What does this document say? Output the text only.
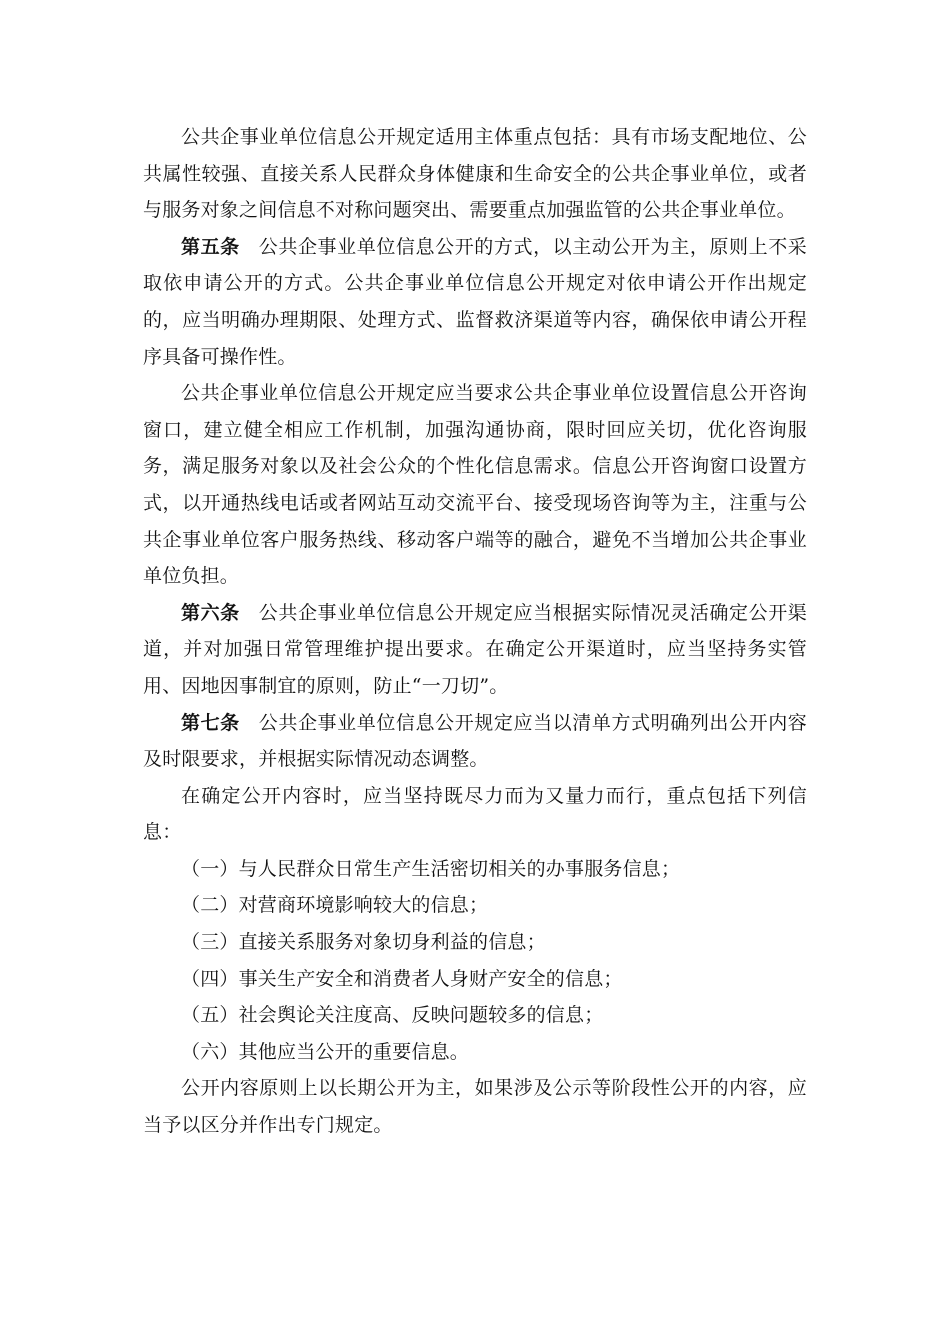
公共企事业单位信息公开规定适用主体重点包括：具有市场支配地位、公共属性较强、直接关系人民群众身体健康和生命安全的公共企事业单位，或者与服务对象之间信息不对称问题突出、需要重点加强监管的公共企事业单位。

第五条 公共企事业单位信息公开的方式，以主动公开为主，原则上不采取依申请公开的方式。公共企事业单位信息公开规定对依申请公开作出规定的，应当明确办理期限、处理方式、监督救济渠道等内容，确保依申请公开程序具备可操作性。

公共企事业单位信息公开规定应当要求公共企事业单位设置信息公开咨询窗口，建立健全相应工作机制，加强沟通协商，限时回应关切，优化咨询服务，满足服务对象以及社会公众的个性化信息需求。信息公开咨询窗口设置方式，以开通热线电话或者网站互动交流平台、接受现场咨询等为主，注重与公共企事业单位客户服务热线、移动客户端等的融合，避免不当增加公共企事业单位负担。

第六条 公共企事业单位信息公开规定应当根据实际情况灵活确定公开渠道，并对加强日常管理维护提出要求。在确定公开渠道时，应当坚持务实管用、因地因事制宜的原则，防止“一刀切”。

第七条 公共企事业单位信息公开规定应当以清单方式明确列出公开内容及时限要求，并根据实际情况动态调整。

在确定公开内容时，应当坚持既尽力而为又量力而行，重点包括下列信息：

（一）与人民群众日常生产生活密切相关的办事服务信息；

（二）对营商环境影响较大的信息；

（三）直接关系服务对象切身利益的信息；

（四）事关生产安全和消费者人身财产安全的信息；

（五）社会舆论关注度高、反映问题较多的信息；

（六）其他应当公开的重要信息。

公开内容原则上以长期公开为主，如果涉及公示等阶段性公开的内容，应当予以区分并作出专门规定。
